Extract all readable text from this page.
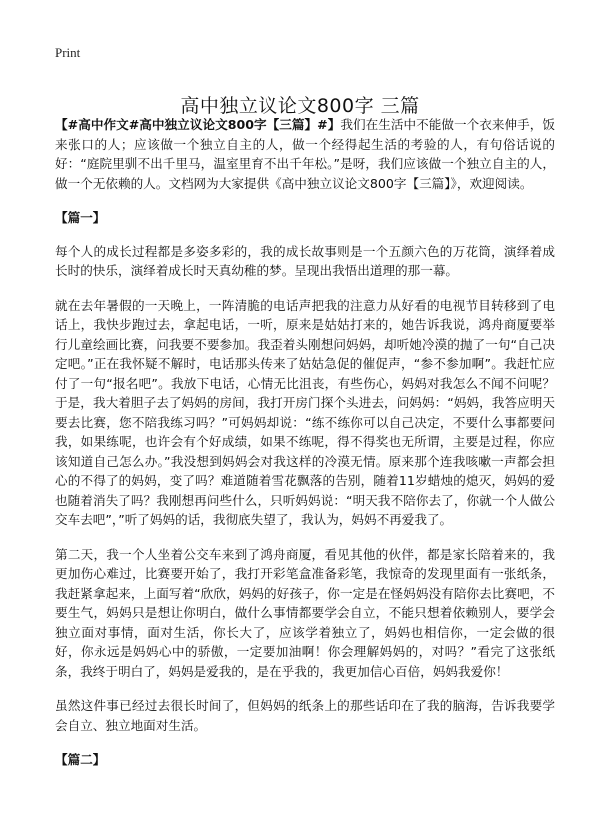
Print
高中独立议论文800字 三篇

【#高中作文#高中独立议论文800字【三篇】#】我们在生活中不能做一个衣来伸手，饭来张口的人；应该做一个独立自主的人，做一个经得起生活的考验的人，有句俗话说的好：“庭院里驯不出千里马，温室里育不出千年松。”是呀，我们应该做一个独立自主的人，做一个无依赖的人。文档网为大家提供《高中独立议论文800字【三篇】》，欢迎阅读。

【篇一】

每个人的成长过程都是多姿多彩的，我的成长故事则是一个五颜六色的万花筒，演绎着成长时的快乐，演绎着成长时天真幼稚的梦。呈现出我悟出道理的那一幕。

就在去年暑假的一天晚上，一阵清脆的电话声把我的注意力从好看的电视节目转移到了电话上，我快步跑过去，拿起电话，一听，原来是姑姑打来的，她告诉我说，鸿舟商厦要举行儿童绘画比赛，问我要不要参加。我歪着头刚想问妈妈，却听她冷漠的抛了一句“自己决定吧。”正在我怀疑不解时，电话那头传来了姑姑急促的催促声，“参不参加啊”。我赶忙应付了一句“报名吧”。我放下电话，心情无比沮丧，有些伤心，妈妈对我怎么不闻不问呢？于是，我大着胆子去了妈妈的房间，我打开房门探个头进去，问妈妈：“妈妈，我答应明天要去比赛，您不陪我练习吗？”可妈妈却说：“练不练你可以自己决定，不要什么事都要问我，如果练呢，也许会有个好成绩，如果不练呢，得不得奖也无所谓，主要是过程，你应该知道自己怎么办。”我没想到妈妈会对我这样的冷漠无情。原来那个连我咳嗽一声都会担心的不得了的妈妈，变了吗？难道随着雪花飘落的告别，随着11岁蜡烛的熄灭，妈妈的爱也随着消失了吗？我刚想再问些什么，只听妈妈说：“明天我不陪你去了，你就一个人做公交车去吧”，”听了妈妈的话，我彻底失望了，我认为，妈妈不再爱我了。

第二天，我一个人坐着公交车来到了鸿舟商厦，看见其他的伙伴，都是家长陪着来的，我更加伤心难过，比赛要开始了，我打开彩笔盒准备彩笔，我惊奇的发现里面有一张纸条，我赶紧拿起来，上面写着“欣欣，妈妈的好孩子，你一定是在怪妈妈没有陪你去比赛吧，不要生气，妈妈只是想让你明白，做什么事情都要学会自立，不能只想着依赖别人，要学会独立面对事情，面对生活，你长大了，应该学着独立了，妈妈也相信你，一定会做的很好，你永远是妈妈心中的骄傲，一定要加油啊！你会理解妈妈的，对吗？”看完了这张纸条，我终于明白了，妈妈是爱我的，是在乎我的，我更加信心百倍，妈妈我爱你！

虽然这件事已经过去很长时间了，但妈妈的纸条上的那些话印在了我的脑海，告诉我要学会自立、独立地面对生活。

【篇二】
